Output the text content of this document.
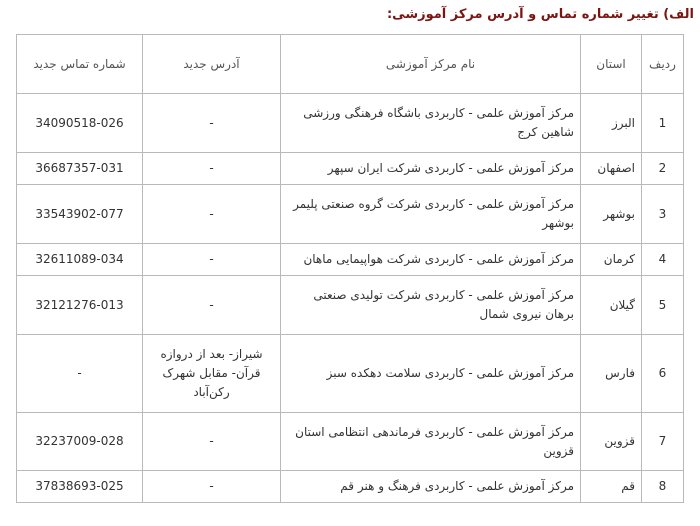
الف) تغییر شماره تماس و آدرس مرکز آموزشی:
ردیف	استان	نام مرکز آموزشی	آدرس جدید	شماره تماس جدید
1	البرز	مرکز آموزش علمی - کاربردی باشگاه فرهنگی ورزشی شاهین کرج	-	34090518-026
2	اصفهان	مرکز آموزش علمی - کاربردی شرکت ایران سپهر	-	36687357-031
3	بوشهر	مرکز آموزش علمی - کاربردی شرکت گروه صنعتی پلیمر بوشهر	-	33543902-077
4	کرمان	مرکز آموزش علمی - کاربردی شرکت هواپیمایی ماهان	-	32611089-034
5	گیلان	مرکز آموزش علمی - کاربردی شرکت تولیدی صنعتی برهان نیروی شمال	-	32121276-013
6	فارس	مرکز آموزش علمی - کاربردی سلامت دهکده سبز	شیراز- بعد از دروازه قرآن- مقابل شهرک رکن‌آباد	-
7	قزوین	مرکز آموزش علمی - کاربردی فرماندهی انتظامی استان قزوین	-	32237009-028
8	قم	مرکز آموزش علمی - کاربردی فرهنگ و هنر قم	-	37838693-025
